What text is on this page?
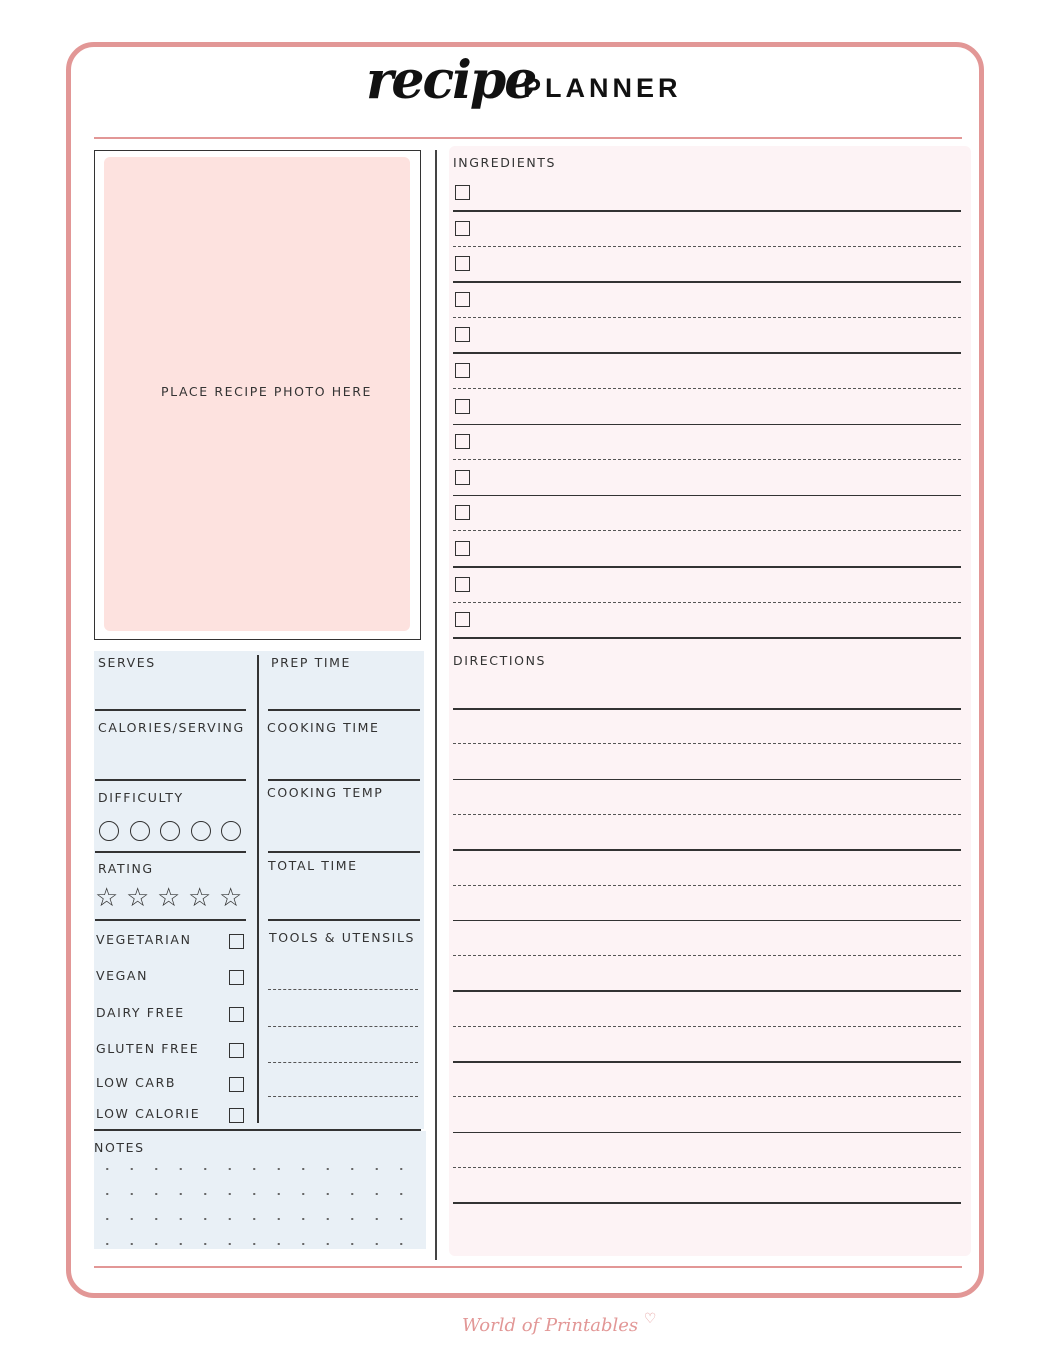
recipe
PLANNER
PLACE RECIPE PHOTO HERE
INGREDIENTS
DIRECTIONS
SERVES
CALORIES/SERVING
DIFFICULTY
RATING
PREP TIME
COOKING TIME
COOKING TEMP
TOTAL TIME
TOOLS & UTENSILS
NOTES
World of Printables ♡
☆ ☆ ☆ ☆ ☆
VEGETARIAN
VEGAN
DAIRY FREE
GLUTEN FREE
LOW CARB
LOW CALORIE
